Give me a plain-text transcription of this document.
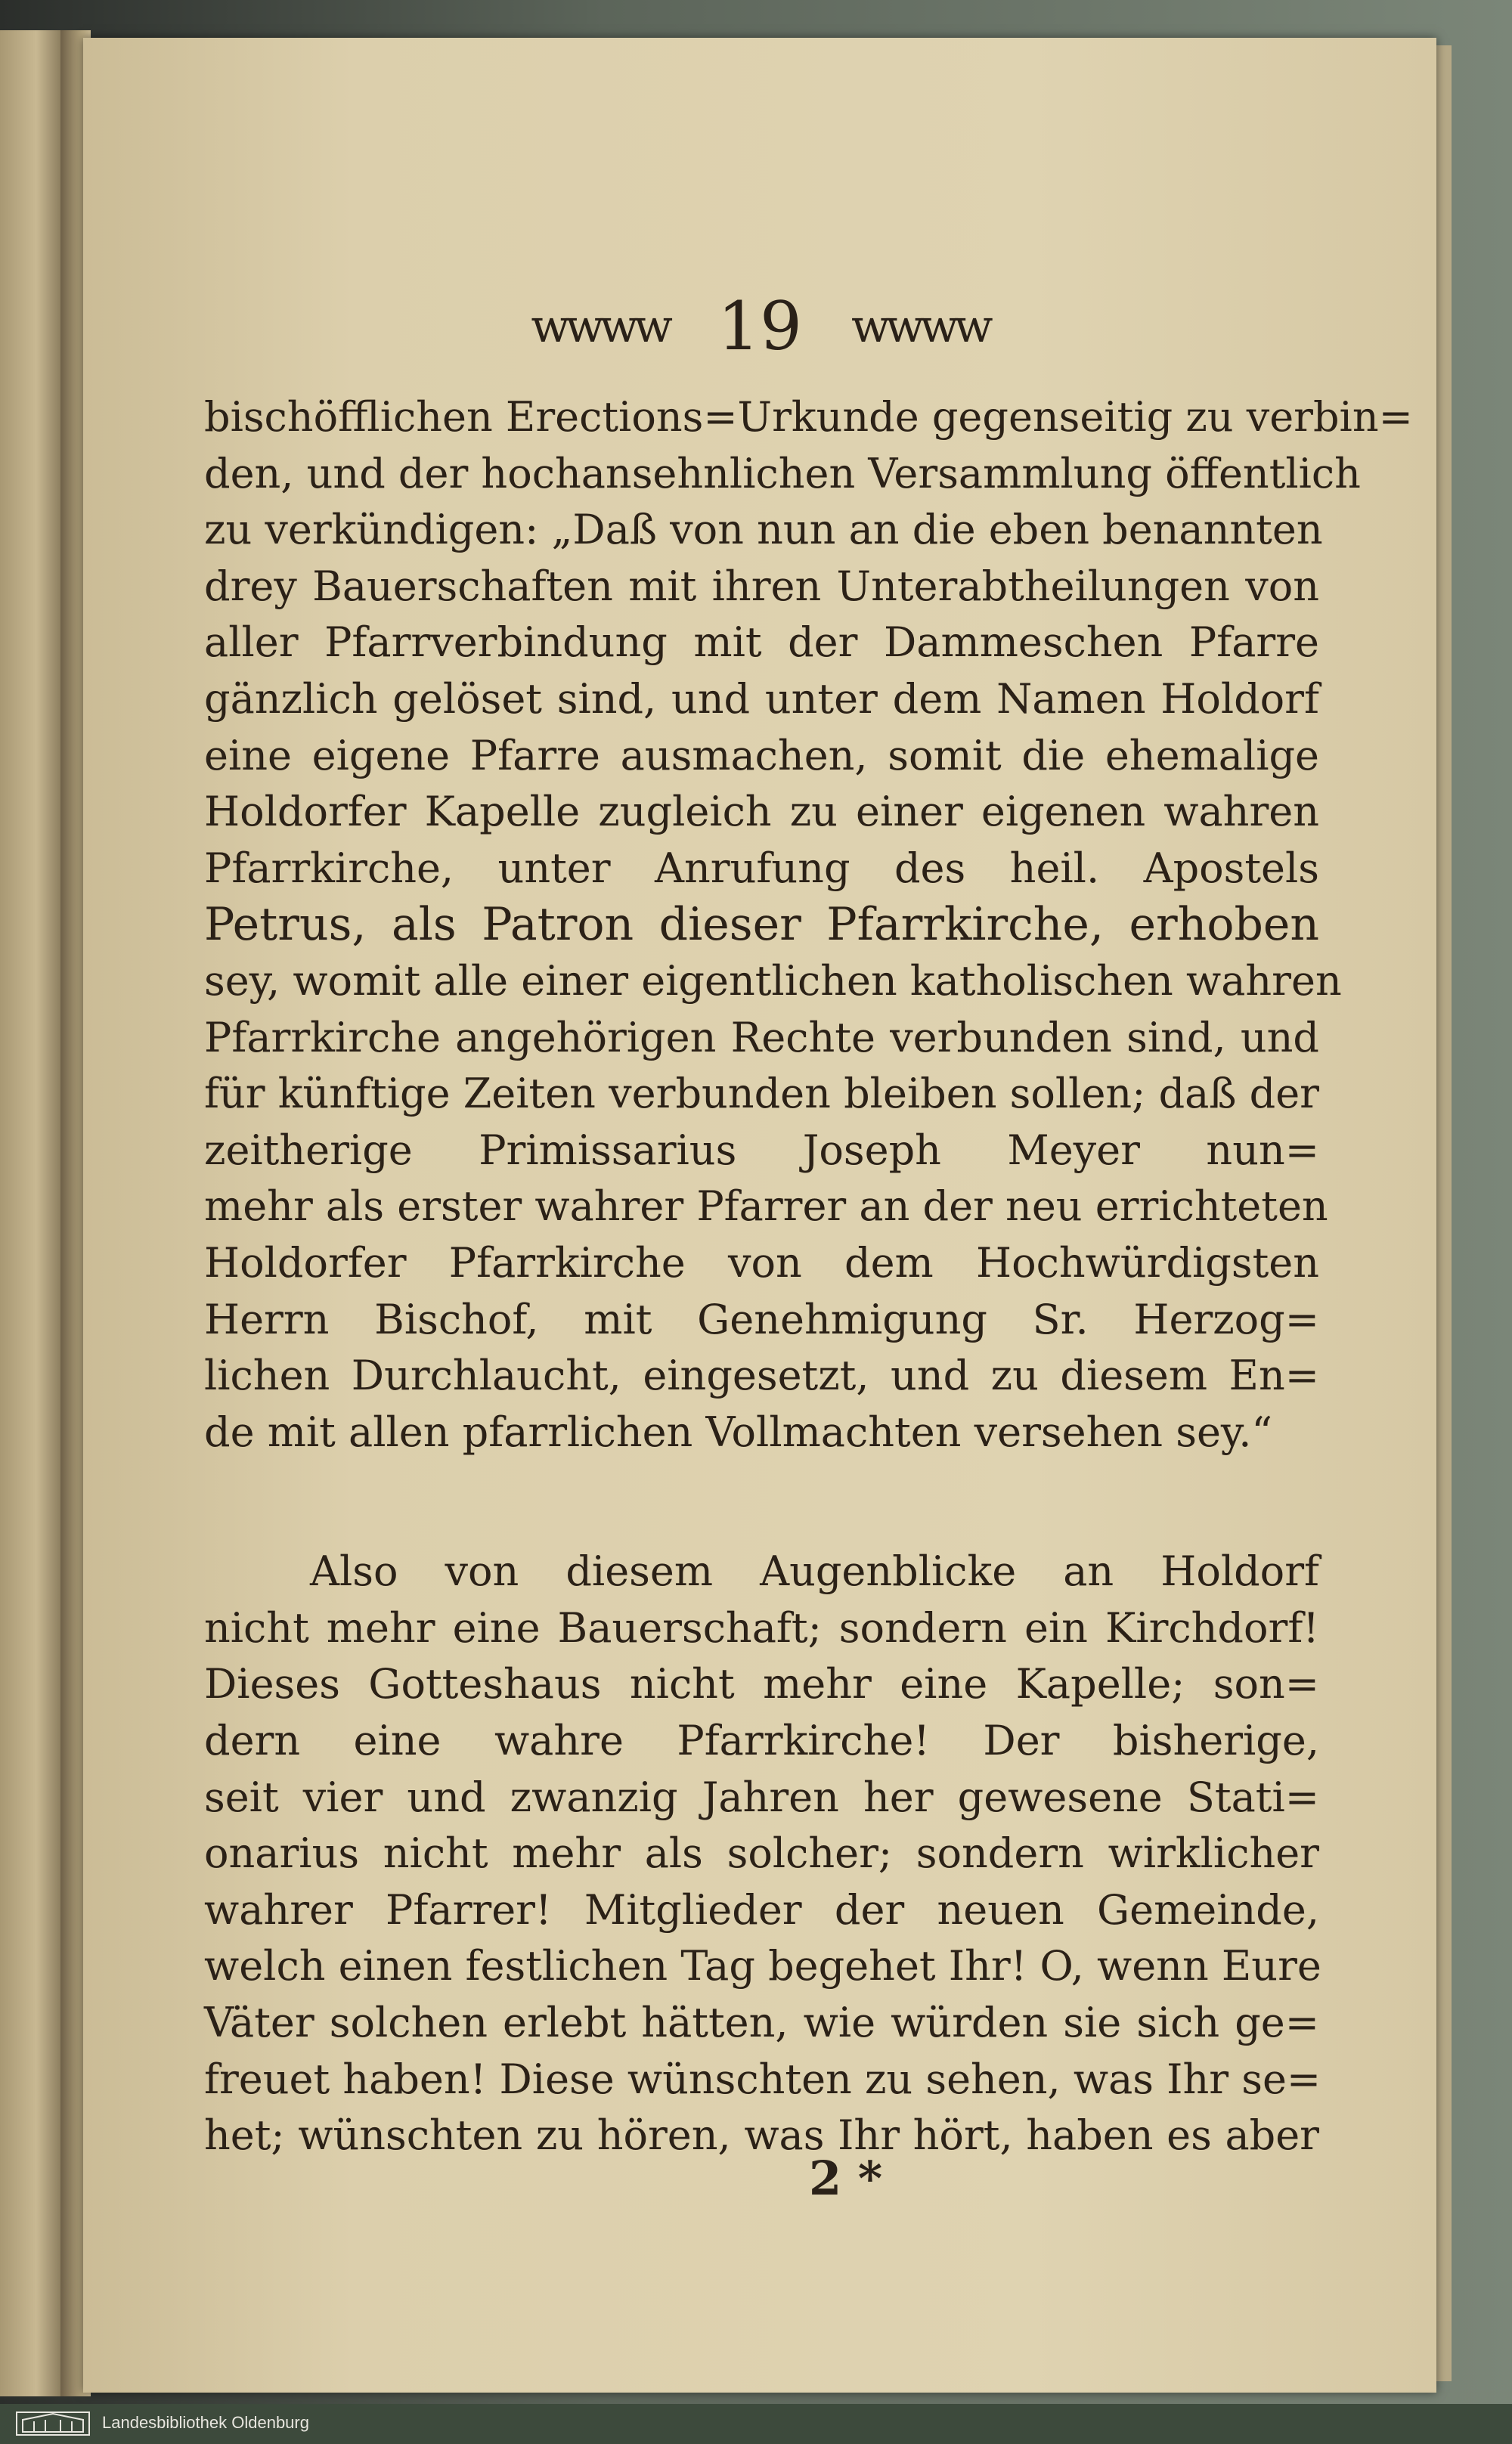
ᴡᴡᴡᴡ 19 ᴡᴡᴡᴡ
bischöfflichen Erections=Urkunde gegenseitig zu verbin=
den, und der hochansehnlichen Versammlung öffentlich
zu verkündigen: „Daß von nun an die eben benannten
drey Bauerschaften mit ihren Unterabtheilungen von
aller Pfarrverbindung mit der Dammeschen Pfarre
gänzlich gelöset sind, und unter dem Namen Holdorf
eine eigene Pfarre ausmachen, somit die ehemalige
Holdorfer Kapelle zugleich zu einer eigenen wahren
Pfarrkirche, unter Anrufung des heil. Apostels
Petrus, als Patron dieser Pfarrkirche, erhoben
sey, womit alle einer eigentlichen katholischen wahren
Pfarrkirche angehörigen Rechte verbunden sind, und
für künftige Zeiten verbunden bleiben sollen; daß der
zeitherige Primissarius Joseph Meyer nun=
mehr als erster wahrer Pfarrer an der neu errichteten
Holdorfer Pfarrkirche von dem Hochwürdigsten
Herrn Bischof, mit Genehmigung Sr. Herzog=
lichen Durchlaucht, eingesetzt, und zu diesem En=
de mit allen pfarrlichen Vollmachten versehen sey.“
Also von diesem Augenblicke an Holdorf
nicht mehr eine Bauerschaft; sondern ein Kirchdorf!
Dieses Gotteshaus nicht mehr eine Kapelle; son=
dern eine wahre Pfarrkirche! Der bisherige,
seit vier und zwanzig Jahren her gewesene Stati=
onarius nicht mehr als solcher; sondern wirklicher
wahrer Pfarrer! Mitglieder der neuen Gemeinde,
welch einen festlichen Tag begehet Ihr! O, wenn Eure
Väter solchen erlebt hätten, wie würden sie sich ge=
freuet haben! Diese wünschten zu sehen, was Ihr se=
het; wünschten zu hören, was Ihr hört, haben es aber
2 *
Landesbibliothek Oldenburg
